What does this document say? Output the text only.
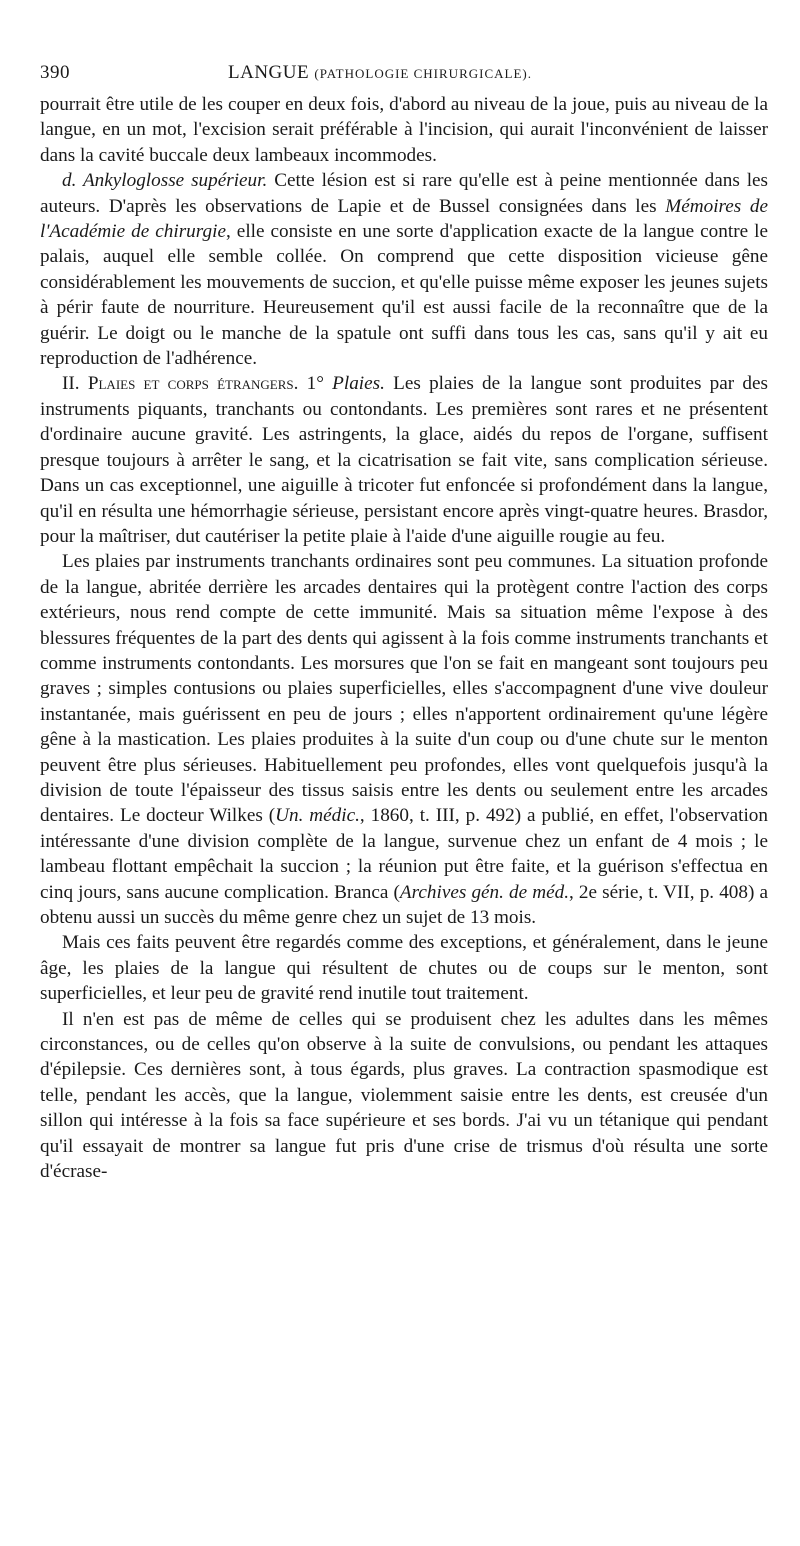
390	LANGUE (PATHOLOGIE CHIRURGICALE).

pourrait être utile de les couper en deux fois, d'abord au niveau de la joue, puis au niveau de la langue, en un mot, l'excision serait préférable à l'incision, qui aurait l'inconvénient de laisser dans la cavité buccale deux lambeaux incommodes.

d. Ankyloglosse supérieur. Cette lésion est si rare qu'elle est à peine mentionnée dans les auteurs. D'après les observations de Lapie et de Bussel consignées dans les Mémoires de l'Académie de chirurgie, elle consiste en une sorte d'application exacte de la langue contre le palais, auquel elle semble collée. On comprend que cette disposition vicieuse gêne considérablement les mouvements de succion, et qu'elle puisse même exposer les jeunes sujets à périr faute de nourriture. Heureusement qu'il est aussi facile de la reconnaître que de la guérir. Le doigt ou le manche de la spatule ont suffi dans tous les cas, sans qu'il y ait eu reproduction de l'adhérence.

II. Plaies et corps étrangers. 1° Plaies. Les plaies de la langue sont produites par des instruments piquants, tranchants ou contondants. Les premières sont rares et ne présentent d'ordinaire aucune gravité. Les astringents, la glace, aidés du repos de l'organe, suffisent presque toujours à arrêter le sang, et la cicatrisation se fait vite, sans complication sérieuse. Dans un cas exceptionnel, une aiguille à tricoter fut enfoncée si profondément dans la langue, qu'il en résulta une hémorrhagie sérieuse, persistant encore après vingt-quatre heures. Brasdor, pour la maîtriser, dut cautériser la petite plaie à l'aide d'une aiguille rougie au feu.

Les plaies par instruments tranchants ordinaires sont peu communes. La situation profonde de la langue, abritée derrière les arcades dentaires qui la protègent contre l'action des corps extérieurs, nous rend compte de cette immunité. Mais sa situation même l'expose à des blessures fréquentes de la part des dents qui agissent à la fois comme instruments tranchants et comme instruments contondants. Les morsures que l'on se fait en mangeant sont toujours peu graves ; simples contusions ou plaies superficielles, elles s'accompagnent d'une vive douleur instantanée, mais guérissent en peu de jours ; elles n'apportent ordinairement qu'une légère gêne à la mastication. Les plaies produites à la suite d'un coup ou d'une chute sur le menton peuvent être plus sérieuses. Habituellement peu profondes, elles vont quelquefois jusqu'à la division de toute l'épaisseur des tissus saisis entre les dents ou seulement entre les arcades dentaires. Le docteur Wilkes (Un. médic., 1860, t. III, p. 492) a publié, en effet, l'observation intéressante d'une division complète de la langue, survenue chez un enfant de 4 mois ; le lambeau flottant empêchait la succion ; la réunion put être faite, et la guérison s'effectua en cinq jours, sans aucune complication. Branca (Archives gén. de méd., 2e série, t. VII, p. 408) a obtenu aussi un succès du même genre chez un sujet de 13 mois.

Mais ces faits peuvent être regardés comme des exceptions, et généralement, dans le jeune âge, les plaies de la langue qui résultent de chutes ou de coups sur le menton, sont superficielles, et leur peu de gravité rend inutile tout traitement.

Il n'en est pas de même de celles qui se produisent chez les adultes dans les mêmes circonstances, ou de celles qu'on observe à la suite de convulsions, ou pendant les attaques d'épilepsie. Ces dernières sont, à tous égards, plus graves. La contraction spasmodique est telle, pendant les accès, que la langue, violemment saisie entre les dents, est creusée d'un sillon qui intéresse à la fois sa face supérieure et ses bords. J'ai vu un tétanique qui pendant qu'il essayait de montrer sa langue fut pris d'une crise de trismus d'où résulta une sorte d'écrase-
